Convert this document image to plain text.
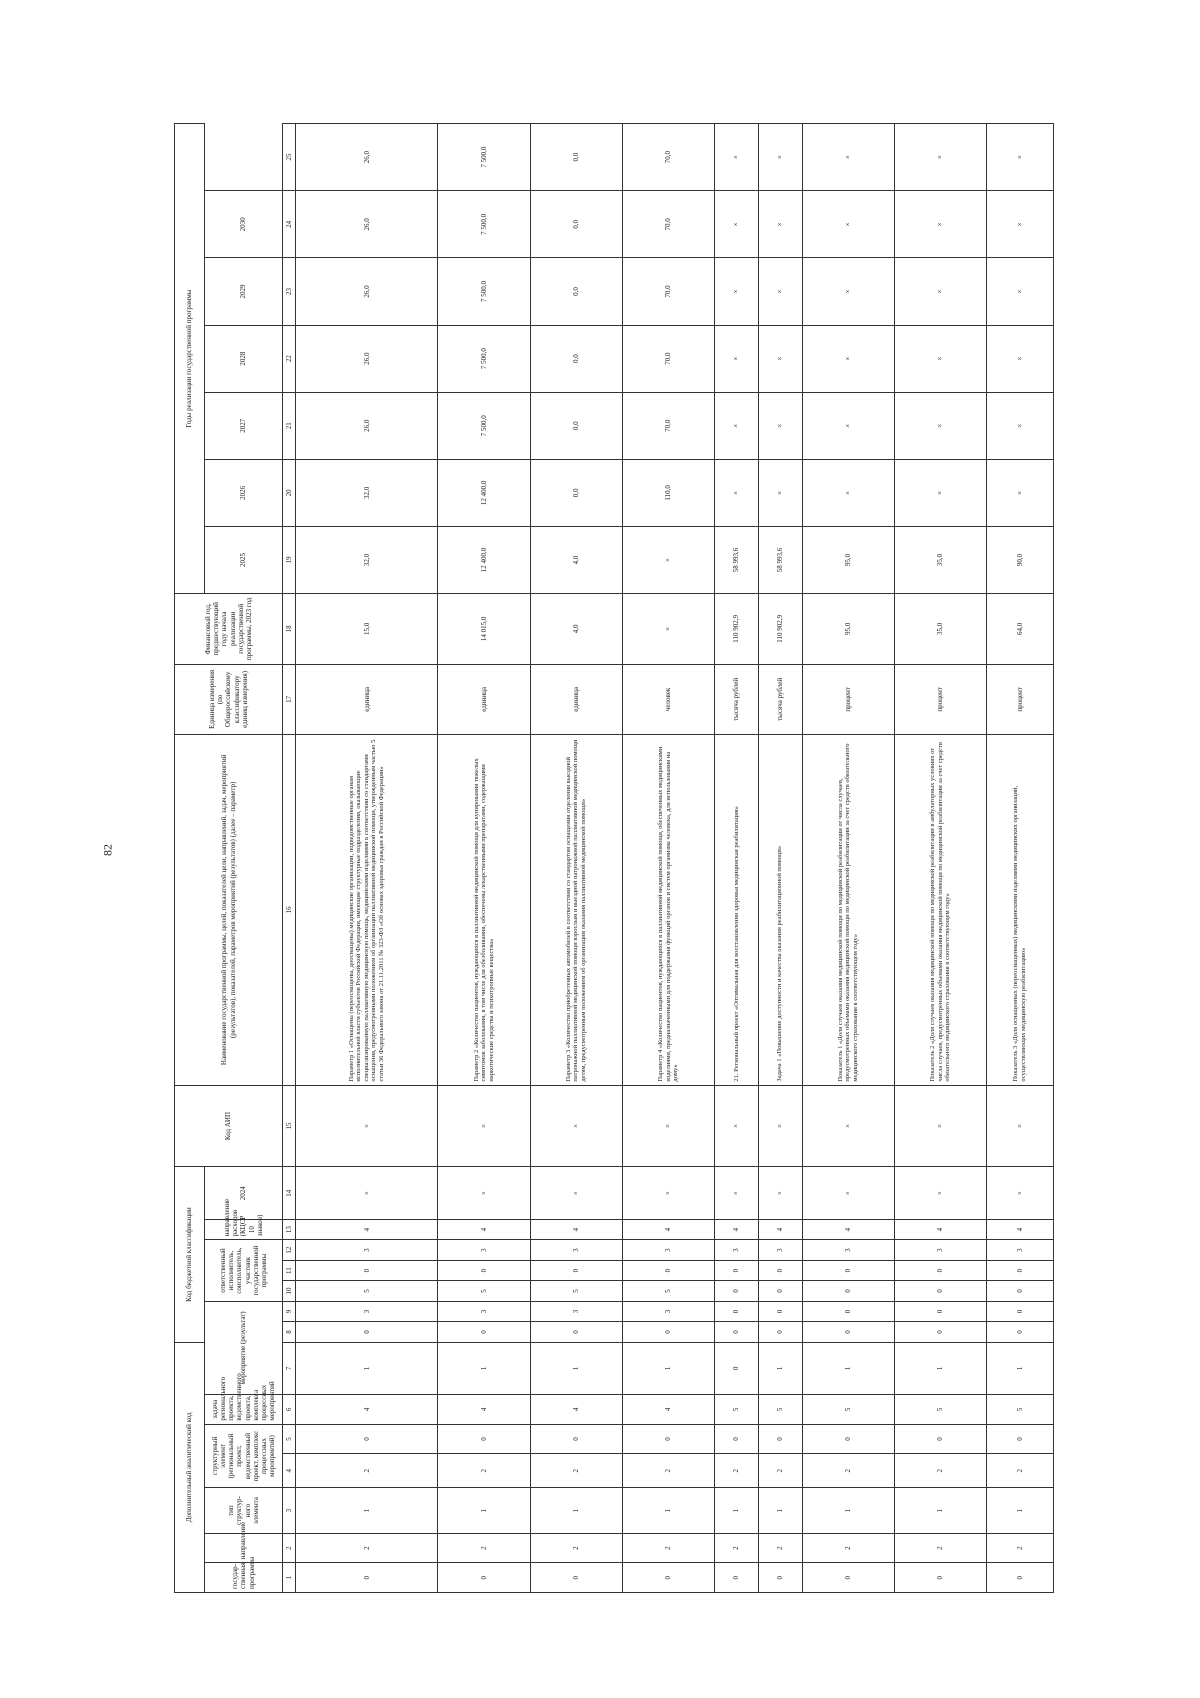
82
Дополнительный аналитический код							Код бюджетной классификации							Код АИП	Наименование государственной программы, целей, показателей цели, направлений, задач, мероприятий (результатов), показателей, параметров мероприятий (результатов) (далее – параметр)	Единица измерения (по Общероссийскому классификатору единиц измерения)	Финансовый год, предшествующий году начала реализации государственной программы, 2023 год	Годы реализации государственной программы						
государ-ственная программа	направление	тип структур-ного элемента	структурный элемент (региональный проект, ведомственный проект, комплекс процессных мероприятий)		задача регионального проекта, ведомственного проекта, комплекса процессных мероприятий	мероприятие (результат)			ответственный исполнитель, соисполнитель, участник государственной программы			направление расходов (КЦСР 10 знаков)	2024					2025	2026	2027	2028	2029	2030	

1	2	3	4	5	6	7	8	9	10	11	12	13	14	15	16	17	18	19	20	21	22	23	24	25
0	2	1	2	0	4	1	0	3	5	0	3	4	×	×	Параметр 1 «Оснащены (переоснащены, дооснащены) медицинские организации, подведомственные органам исполнительной власти субъектов Российской Федерации, имеющие структурные подразделения, оказывающие специализированную паллиативную медицинскую помощь, медицинскими изделиями в соответствии со стандартами оснащения, предусмотренными положением об организации паллиативной медицинской помощи, утвержденным частью 5 статьи 36 Федерального закона от 21.11.2011 № 323-ФЗ «Об основах здоровья граждан в Российской Федерации»	единица	15,0	32,0	32,0	26,0	26,0	26,0	26,0	26,0
0	2	1	2	0	4	1	0	3	5	0	3	4	×	×	Параметр 2 «Количество пациентов, нуждающихся в паллиативной медицинской помощи для купирования тяжелых симптомов заболевания, в том числе для обезболивания, обеспечены лекарственными препаратами, содержащими наркотические средства и психотропные вещества»	единица	14 015,0	12 400,0	12 400,0	7 500,0	7 500,0	7 500,0	7 500,0	7 500,0
0	2	1	2	0	4	1	0	3	5	0	3	4	×	×	Параметр 3 «Количество приобретенных автомобилей в соответствии со стандартом оснащения отделения выездной патронажной паллиативной медицинской помощи взрослым и выездной патронажной паллиативной медицинской помощи детям, предусмотренным положением об организации оказания паллиативной медицинской помощи»	единица	4,0	4,0	0,0	0,0	0,0	0,0	0,0	0,0
0	2	1	2	0	4	1	0	3	5	0	3	4	×	×	Параметр 4 «Количество пациентов, нуждающихся в паллиативной медицинской помощи, обеспеченных медицинскими изделиями, предназначенными для поддержания функций органов и систем организма человека, для использования на дому»	человек	×	×	110,0	70,0	70,0	70,0	70,0	70,0
0	2	1	2	0	5	0	0	0	0	0	3	4	×	×	21. Региональный проект «Оптимальная для восстановления здоровья медицинская реабилитация»	тысяча рублей	110 902,9	58 993,6	×	×	×	×	×	×
0	2	1	2	0	5	1	0	0	0	0	3	4	×	×	Задача 1 «Повышение доступности и качества оказания реабилитационной помощи»	тысяча рублей	110 902,9	58 993,6	×	×	×	×	×	×
0	2	1	2	0	5	1	0	0	0	0	3	4	×	×	Показатель 1 «Доля случаев оказания медицинской помощи по медицинской реабилитации от числа случаев, предусмотренных объемами оказания медицинской помощи по медицинской реабилитации за счет средств обязательного медицинского страхования в соответствующем году»	процент	95,0	95,0	×	×	×	×	×	×
0	2	1	2	0	5	1	0	0	0	0	3	4	×	×	Показатель 2 «Доля случаев оказания медицинской помощи по медицинской реабилитации в амбулаторных условиях от числа случаев, предусмотренных объемами оказания медицинской помощи по медицинской реабилитации за счет средств обязательного медицинского страхования в соответствующем году»	процент	35,0	35,0	×	×	×	×	×	×
0	2	1	2	0	5	1	0	0	0	0	3	4	×	×	Показатель 3 «Доля оснащенных (переоснащенных) медицинскими изделиями медицинских организаций, осуществляющих медицинскую реабилитацию»	процент	64,0	90,0	×	×	×	×	×	×
